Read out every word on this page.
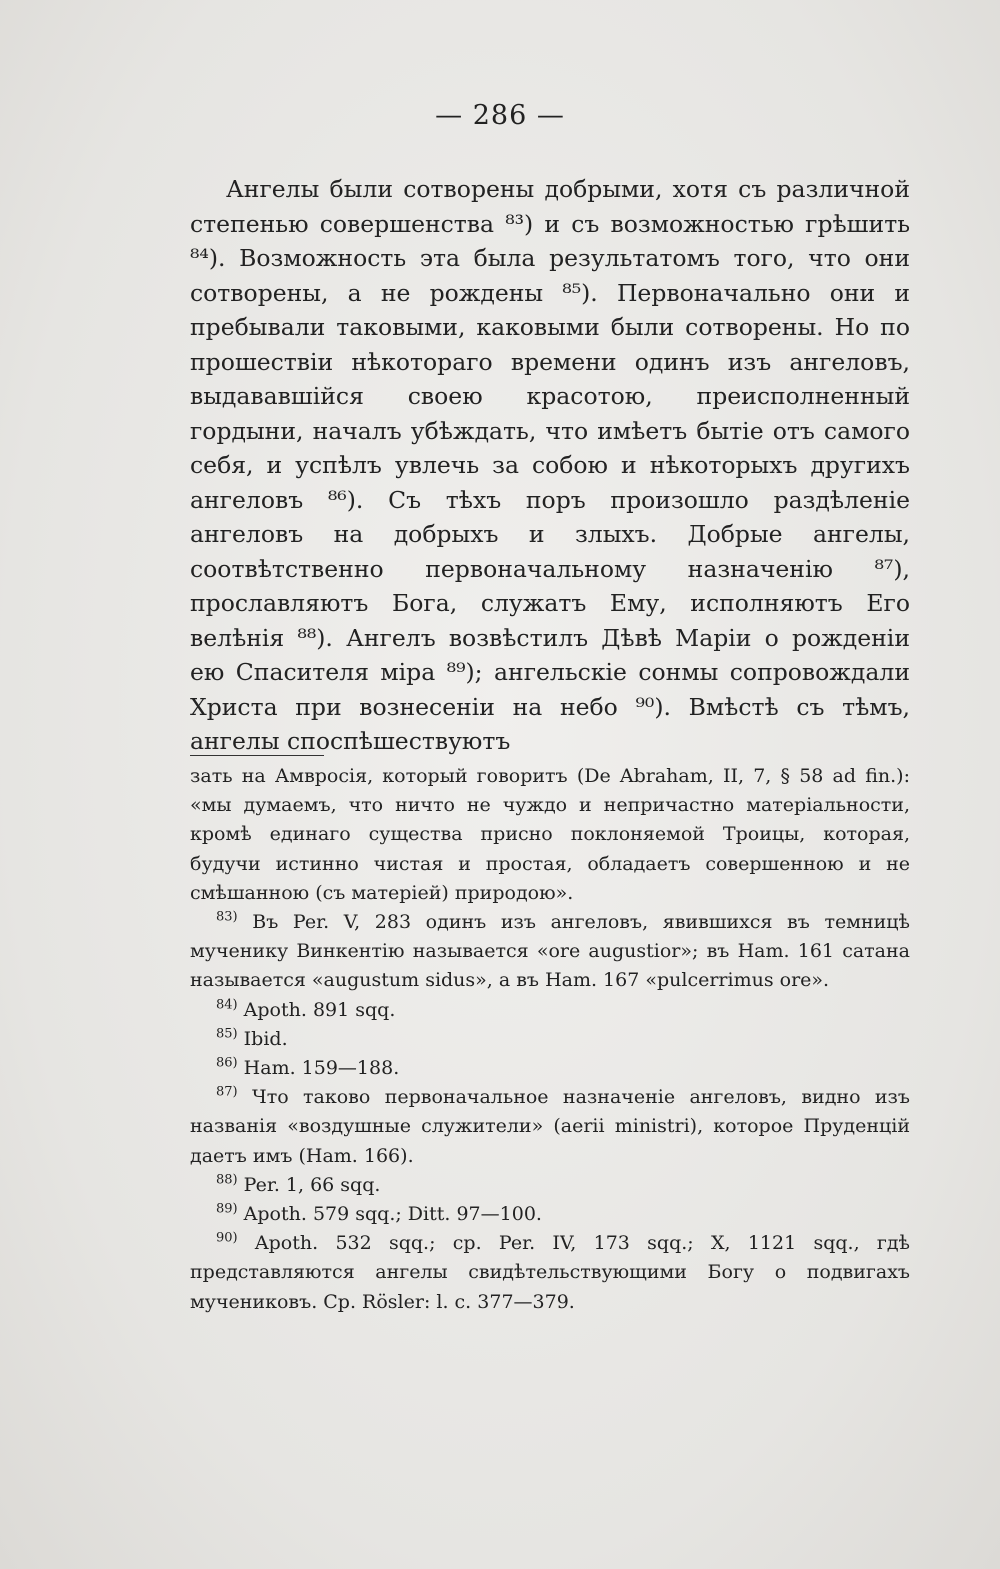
— 286 —

Ангелы были сотворены добрыми, хотя съ различной степенью совершенства ⁸³) и съ возможностью грѣшить ⁸⁴). Возможность эта была результатомъ того, что они сотворены, а не рождены ⁸⁵). Первоначально они и пребывали таковыми, каковыми были сотворены. Но по прошествіи нѣкотораго времени одинъ изъ ангеловъ, выдававшійся своею красотою, преисполненный гордыни, началъ убѣждать, что имѣетъ бытіе отъ самого себя, и успѣлъ увлечь за собою и нѣкоторыхъ другихъ ангеловъ ⁸⁶). Съ тѣхъ поръ произошло раздѣленіе ангеловъ на добрыхъ и злыхъ. Добрые ангелы, соотвѣтственно первоначальному назначенію ⁸⁷), прославляютъ Бога, служатъ Ему, исполняютъ Его велѣнія ⁸⁸). Ангелъ возвѣстилъ Дѣвѣ Маріи о рожденіи ею Спасителя міра ⁸⁹); ангельскіе сонмы сопровождали Христа при вознесеніи на небо ⁹⁰). Вмѣстѣ съ тѣмъ, ангелы споспѣшествуютъ

зать на Амвросія, который говоритъ (De Abraham, II, 7, § 58 ad fin.): «мы думаемъ, что ничто не чуждо и непричастно матеріальности, кромѣ единаго существа присно поклоняемой Троицы, которая, будучи истинно чистая и простая, обладаетъ совершенною и не смѣшанною (съ матеріей) природою».

$^{83)}$ Въ Per. V, 283 одинъ изъ ангеловъ, явившихся въ темницѣ мученику Винкентію называется «ore augustior»; въ Ham. 161 сатана называется «augustum sidus», а въ Ham. 167 «pulcerrimus ore».

$^{84)}$ Apoth. 891 sqq.

$^{85)}$ Ibid.

$^{86)}$ Ham. 159—188.

$^{87)}$ Что таково первоначальное назначеніе ангеловъ, видно изъ названія «воздушные служители» (aerii ministri), которое Пруденцій даетъ имъ (Ham. 166).

$^{88)}$ Per. 1, 66 sqq.

$^{89)}$ Apoth. 579 sqq.; Ditt. 97—100.

$^{90)}$ Apoth. 532 sqq.; cp. Per. IV, 173 sqq.; X, 1121 sqq., гдѣ представляются ангелы свидѣтельствующими Богу о подвигахъ мучениковъ. Cp. Rösler: l. c. 377—379.
